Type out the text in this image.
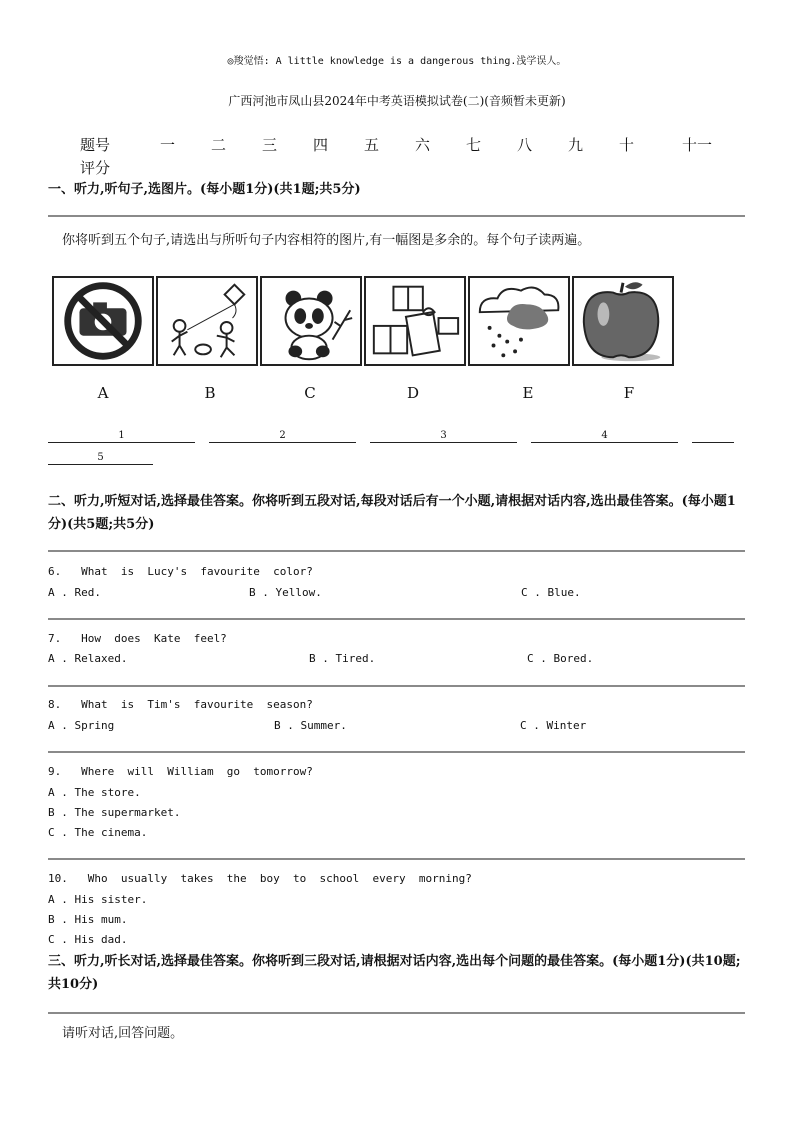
◎羧觉悟: A little knowledge is a dangerous thing.浅学误人。
广西河池市凤山县2024年中考英语模拟试卷(二)(音频暂未更新)
题号	一 二 三 四 五 六 七 八 九 十	十一
评分
一、听力,听句子,选图片。(每小题1分)(共1题;共5分)
你将听到五个句子,请选出与所听句子内容相符的图片,有一幅图是多余的。每个句子读两遍。
A	B	C	D	E	F
1	2	3	4
5
二、听力,听短对话,选择最佳答案。你将听到五段对话,每段对话后有一个小题,请根据对话内容,选出最佳答案。(每小题1分)(共5题;共5分)
6.   What  is  Lucy's  favourite  color?
A . Red.	B . Yellow.	C . Blue.
7.   How  does  Kate  feel?
A . Relaxed.	B . Tired.	C . Bored.
8.   What  is  Tim's  favourite  season?
A . Spring	B . Summer.	C . Winter
9.   Where  will  William  go  tomorrow?
A . The store.
B . The supermarket.
C . The cinema.
10.   Who  usually  takes  the  boy  to  school  every  morning?
A . His sister.
B . His mum.
C . His dad.
三、听力,听长对话,选择最佳答案。你将听到三段对话,请根据对话内容,选出每个问题的最佳答案。(每小题1分)(共10题;共10分)
请听对话,回答问题。
